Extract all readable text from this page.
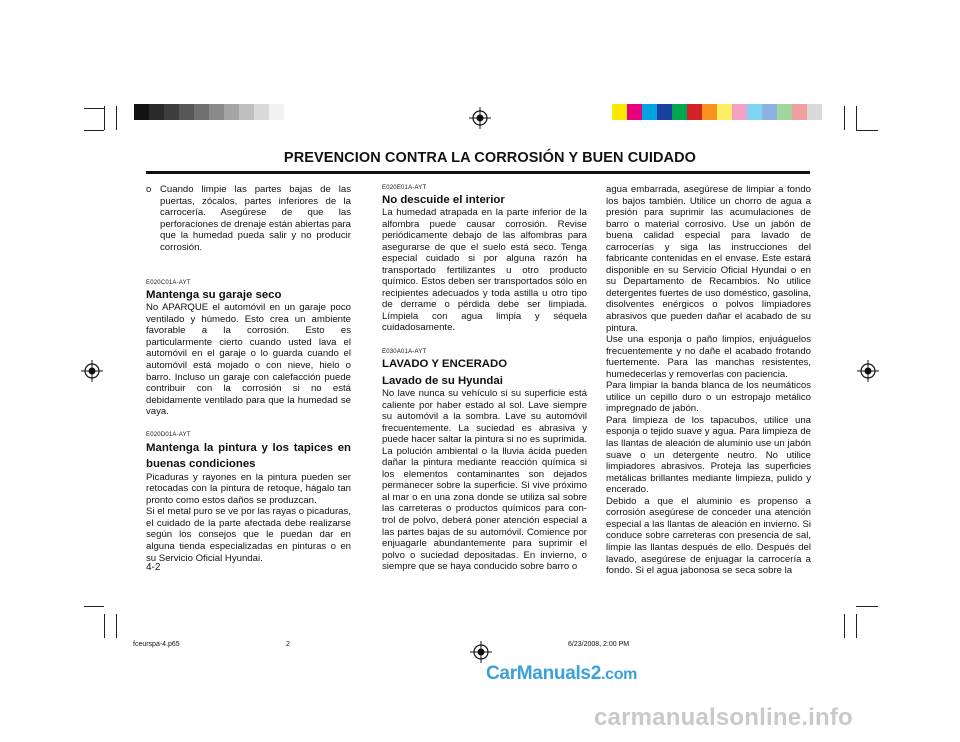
PREVENCION CONTRA LA CORROSIÓN Y BUEN CUIDADO
o Cuando limpie las partes bajas de las puertas, zócalos, partes inferiores de la carrocería. Asegúrese de que las perforaciones de drenaje están abiertas para que la humedad pueda salir y no producir corrosión.

E020C01A-AYT

Mantenga su garaje seco

No APARQUE el automóvil en un garaje poco ventilado y húmedo. Esto crea un ambiente favorable a la corrosión. Esto es particularmente cierto cuando usted lava el automóvil en el garaje o lo guarda cuando el automóvil está mojado o con nieve, hielo o barro. Incluso un garaje con calefacción puede contribuir con la corrosión si no está debidamente ventilado para que la humedad se vaya.

E020D01A-AYT

Mantenga la pintura y los tapices en buenas condiciones

Picaduras y rayones en la pintura pueden ser retocadas con la pintura de retoque, hágalo tan pronto como estos daños se produzcan.

Si el metal puro se ve por las rayas o picaduras, el cuidado de la parte afectada debe realizarse según los consejos que le puedan dar en alguna tienda especializadas en pinturas o en su Servicio Oficial Hyundai.

E020E01A-AYT

No descuide el interior

La humedad atrapada en la parte inferior de la alfombra puede causar corrosión. Revise periódicamente debajo de las alfombras para asegurarse de que el suelo está seco. Tenga especial cuidado si por alguna razón ha transportado fertilizantes u otro producto químico. Estos deben ser transportados sólo en recipientes adecuados y toda astilla u otro tipo de derrame o pérdida debe ser limpiada. Límpiela con agua limpia y séquela cuidadosamente.

E030A01A-AYT

LAVADO Y ENCERADO

Lavado de su Hyundai

No lave nunca su vehículo si su superficie está caliente por haber estado al sol. Lave siempre su automóvil a la sombra. Lave su automóvil frecuentemente. La suciedad es abrasiva y puede hacer saltar la pintura si no es suprimida. La polución ambiental o la lluvia ácida pueden dañar la pintura mediante reacción química si los elementos contaminantes son dejados permanecer sobre la superficie. Si vive próximo al mar o en una zona donde se utiliza sal sobre las carreteras o productos químicos para con-trol de polvo, deberá poner atención especial a las partes bajas de su automóvil. Comience por enjuagarle abundantemente para suprimir el polvo o suciedad depositadas. En invierno, o siempre que se haya conducido sobre barro o

agua embarrada, asegúrese de limpiar a fondo los bajos también. Utilice un chorro de agua a presión para suprimir las acumulaciones de barro o material corrosivo. Use un jabón de buena calidad especial para lavado de carrocerías y siga las instrucciones del fabricante contenidas en el envase. Este estará disponible en su Servicio Oficial Hyundai o en su Departamento de Recambios. No utilice detergentes fuertes de uso doméstico, gasolina, disolventes enérgicos o polvos limpiadores abrasivos que pueden dañar el acabado de su pintura.

Use una esponja o paño limpios, enjuáguelos frecuentemente y no dañe el acabado frotando fuertemente. Para las manchas resistentes, humedecerlas y removerlas con paciencia.

Para limpiar la banda blanca de los neumáticos utilice un cepillo duro o un estropajo metálico impregnado de jabón.

Para limpieza de los tapacubos, utilice una esponja o tejido suave y agua. Para limpieza de las llantas de aleación de aluminio use un jabón suave o un detergente neutro. No utilice limpiadores abrasivos. Proteja las superficies metálicas brillantes mediante limpieza, pulido y encerado.

Debido a que el aluminio es propenso a corrosión asegúrese de conceder una atención especial a las llantas de aleación en invierno. Si conduce sobre carreteras con presencia de sal, limpie las llantas después de ello. Después del lavado, asegúrese de enjuagar la carrocería a fondo. Si el agua jabonosa se seca sobre la

4-2
fceurspa-4.p65	2	6/23/2008, 2:00 PM
CarManuals2.com
carmanualsonline.info
